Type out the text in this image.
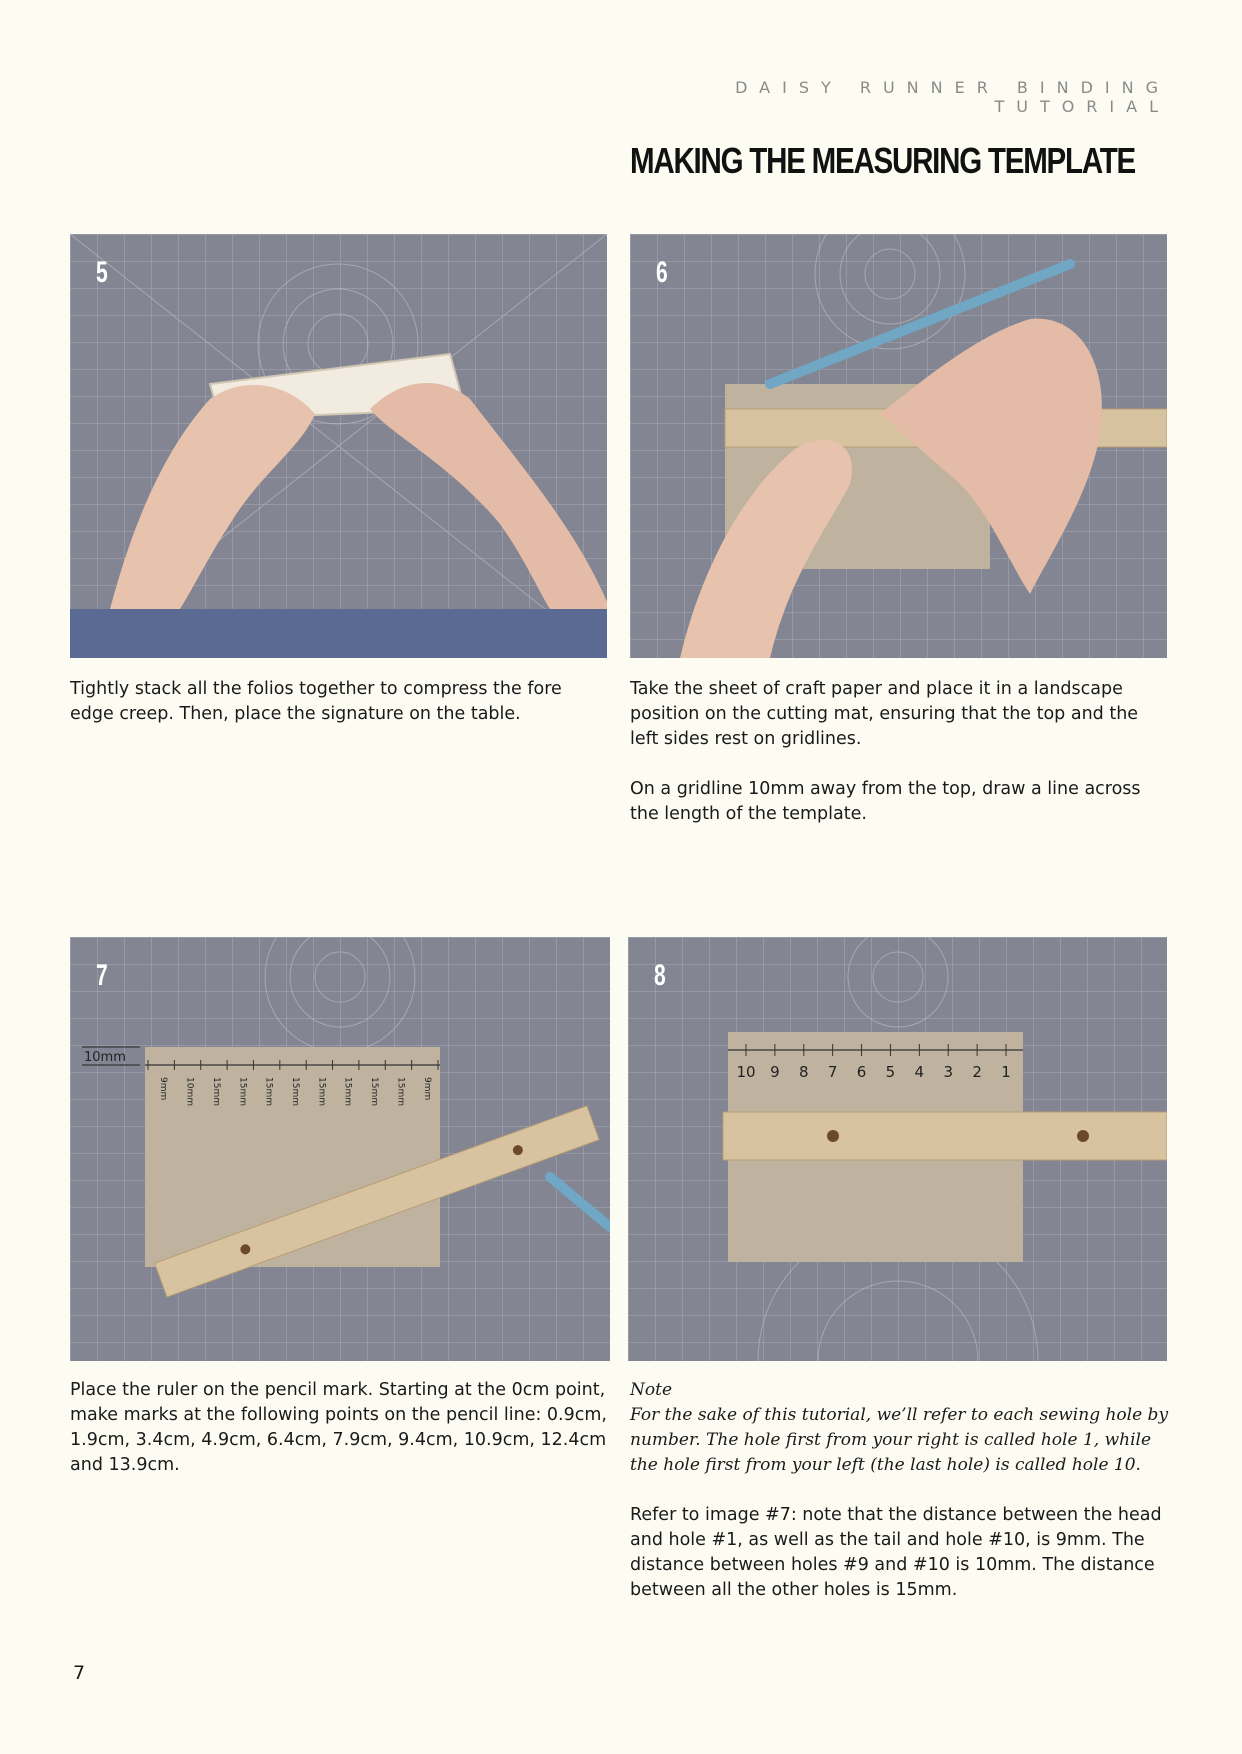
DAISY RUNNER BINDING TUTORIAL
MAKING THE MEASURING TEMPLATE
5	6
10mm
9mm 10mm 15mm 15mm 15mm 15mm 15mm 15mm 15mm 15mm 9mm
7
10 9 8 7 6 5 4 3 2 1
8

Tightly stack all the folios together to compress the fore edge creep. Then, place the signature on the table.

Take the sheet of craft paper and place it in a landscape position on the cutting mat, ensuring that the top and the left sides rest on gridlines.

On a gridline 10mm away from the top, draw a line across the length of the template.

Place the ruler on the pencil mark. Starting at the 0cm point, make marks at the following points on the pencil line: 0.9cm, 1.9cm, 3.4cm, 4.9cm, 6.4cm, 7.9cm, 9.4cm, 10.9cm, 12.4cm and 13.9cm.

Note
For the sake of this tutorial, we’ll refer to each sewing hole by number. The hole first from your right is called hole 1, while the hole first from your left (the last hole) is called hole 10.

Refer to image #7: note that the distance between the head and hole #1, as well as the tail and hole #10, is 9mm. The distance between holes #9 and #10 is 10mm. The distance between all the other holes is 15mm.

7
